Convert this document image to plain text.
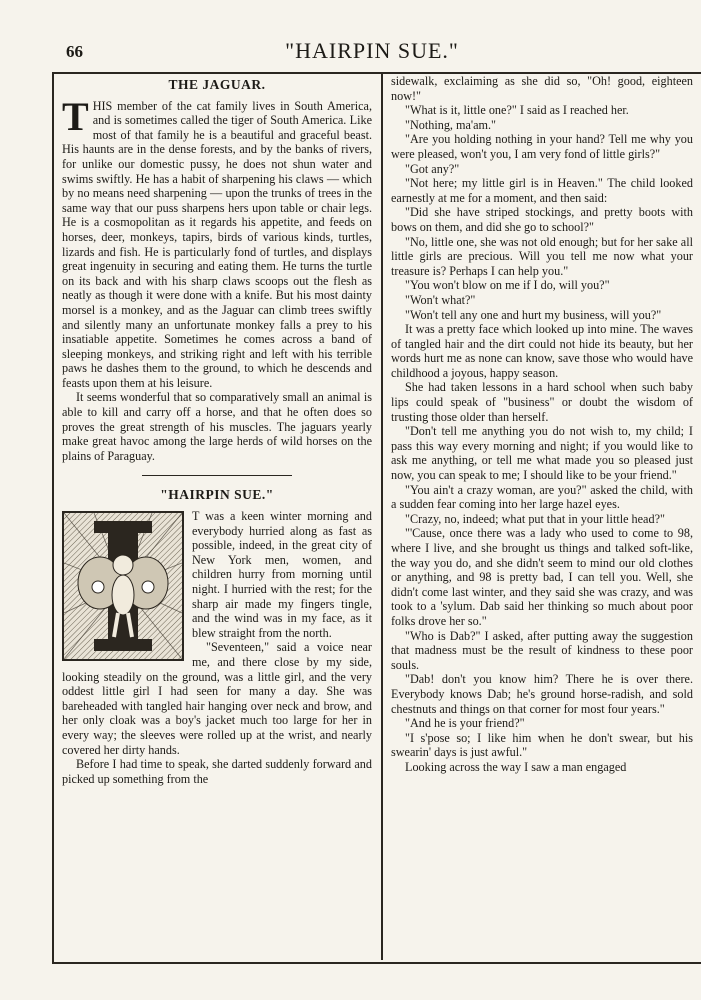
66	"HAIRPIN SUE."
THE JAGUAR.

THIS member of the cat family lives in South America, and is sometimes called the tiger of South America. Like most of that family he is a beautiful and graceful beast. His haunts are in the dense forests, and by the banks of rivers, for unlike our domestic pussy, he does not shun water and swims swiftly. He has a habit of sharpening his claws — which by no means need sharpening — upon the trunks of trees in the same way that our puss sharpens hers upon table or chair legs. He is a cosmopolitan as it regards his appetite, and feeds on horses, deer, monkeys, tapirs, birds of various kinds, turtles, lizards and fish. He is particularly fond of turtles, and displays great ingenuity in securing and eating them. He turns the turtle on its back and with his sharp claws scoops out the flesh as neatly as though it were done with a knife. But his most dainty morsel is a monkey, and as the Jaguar can climb trees swiftly and silently many an unfortunate monkey falls a prey to his insatiable appetite. Sometimes he comes across a band of sleeping monkeys, and striking right and left with his terrible paws he dashes them to the ground, to which he descends and feasts upon them at his leisure.

It seems wonderful that so comparatively small an animal is able to kill and carry off a horse, and that he often does so proves the great strength of his muscles. The jaguars yearly make great havoc among the large herds of wild horses on the plains of Paraguay.

"HAIRPIN SUE."

T was a keen winter morning and everybody hurried along as fast as possible, indeed, in the great city of New York men, women, and children hurry from morning until night. I hurried with the rest; for the sharp air made my fingers tingle, and the wind was in my face, as it blew straight from the north.

"Seventeen," said a voice near me, and there close by my side, looking steadily on the ground, was a little girl, and the very oddest little girl I had seen for many a day. She was bareheaded with tangled hair hanging over neck and brow, and her only cloak was a boy's jacket much too large for her in every way; the sleeves were rolled up at the wrist, and nearly covered her dirty hands.

Before I had time to speak, she darted suddenly forward and picked up something from the

sidewalk, exclaiming as she did so, "Oh! good, eighteen now!"

"What is it, little one?" I said as I reached her.

"Nothing, ma'am."

"Are you holding nothing in your hand? Tell me why you were pleased, won't you, I am very fond of little girls?"

"Got any?"

"Not here; my little girl is in Heaven." The child looked earnestly at me for a moment, and then said:

"Did she have striped stockings, and pretty boots with bows on them, and did she go to school?"

"No, little one, she was not old enough; but for her sake all little girls are precious. Will you tell me now what your treasure is? Perhaps I can help you."

"You won't blow on me if I do, will you?"

"Won't what?"

"Won't tell any one and hurt my business, will you?"

It was a pretty face which looked up into mine. The waves of tangled hair and the dirt could not hide its beauty, but her words hurt me as none can know, save those who would have childhood a joyous, happy season.

She had taken lessons in a hard school when such baby lips could speak of "business" or doubt the wisdom of trusting those older than herself.

"Don't tell me anything you do not wish to, my child; I pass this way every morning and night; if you would like to ask me anything, or tell me what made you so pleased just now, you can speak to me; I should like to be your friend."

"You ain't a crazy woman, are you?" asked the child, with a sudden fear coming into her large hazel eyes.

"Crazy, no, indeed; what put that in your little head?"

"'Cause, once there was a lady who used to come to 98, where I live, and she brought us things and talked soft-like, the way you do, and she didn't seem to mind our old clothes or anything, and 98 is pretty bad, I can tell you. Well, she didn't come last winter, and they said she was crazy, and was took to a 'sylum. Dab said her thinking so much about poor folks drove her so."

"Who is Dab?" I asked, after putting away the suggestion that madness must be the result of kindness to these poor souls.

"Dab! don't you know him? There he is over there. Everybody knows Dab; he's ground horse-radish, and sold chestnuts and things on that corner for most four years."

"And he is your friend?"

"I s'pose so; I like him when he don't swear, but his swearin' days is just awful."

Looking across the way I saw a man engaged
